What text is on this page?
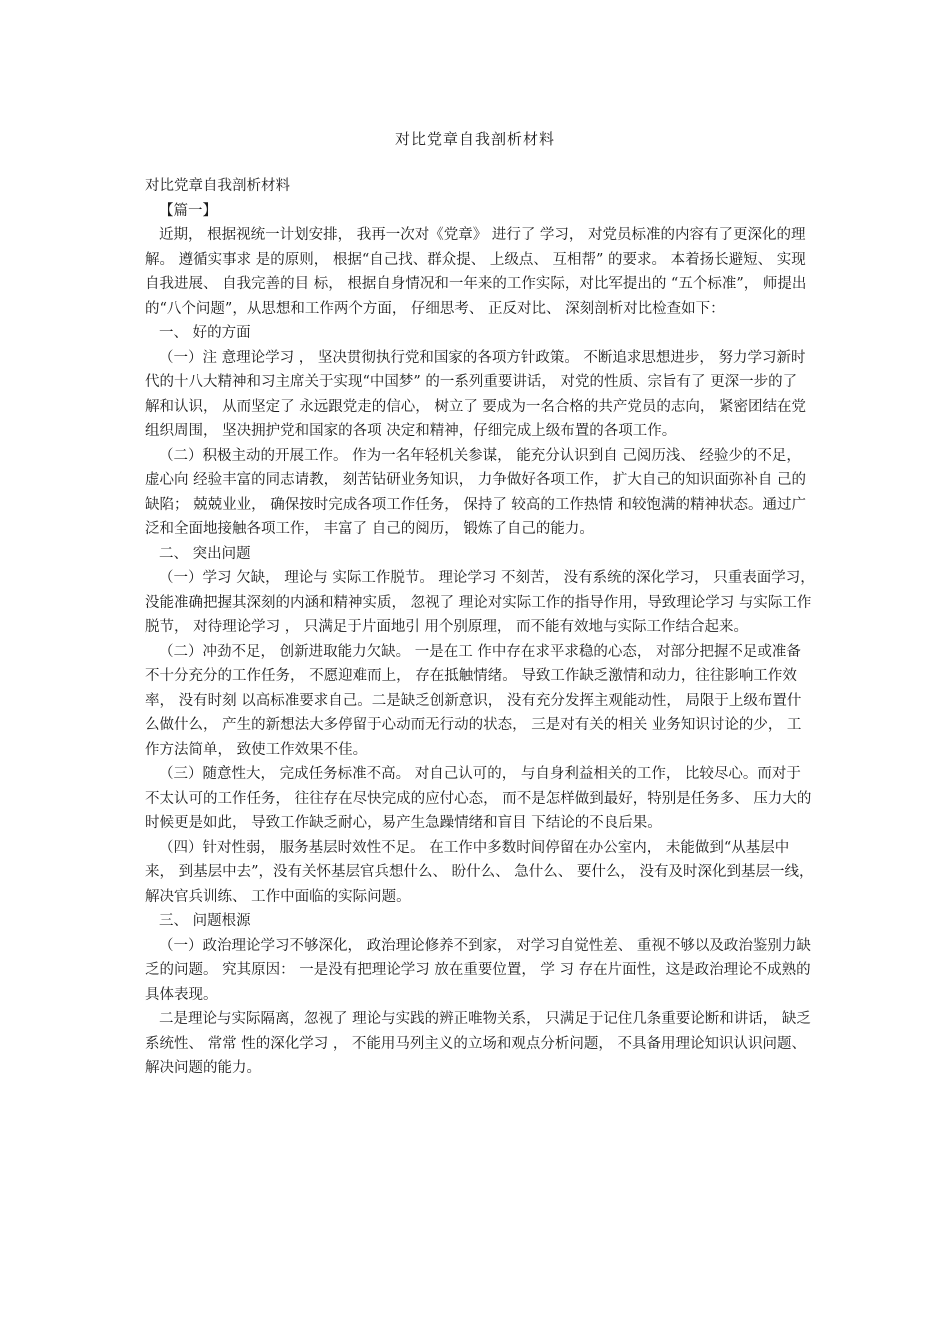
对比党章自我剖析材料

对比党章自我剖析材料

【篇一】

近期， 根据视统一计划安排， 我再一次对《党章》 进行了 学习， 对党员标准的内容有了更深化的理解。 遵循实事求 是的原则， 根据“自己找、群众提、 上级点、 互相帮” 的要求。 本着扬长避短、 实现自我进展、 自我完善的目 标， 根据自身情况和一年来的工作实际，对比军提出的 “五个标准”， 师提出的“八个问题”，从思想和工作两个方面， 仔细思考、 正反对比、 深刻剖析对比检查如下：

一、 好的方面

（一）注 意理论学习 ， 坚决贯彻执行党和国家的各项方针政策。 不断追求思想进步， 努力学习新时代的十八大精神和习主席关于实现“中国梦” 的一系列重要讲话， 对党的性质、宗旨有了 更深一步的了 解和认识， 从而坚定了 永远跟党走的信心， 树立了 要成为一名合格的共产党员的志向， 紧密团结在党组织周围， 坚决拥护党和国家的各项 决定和精神，仔细完成上级布置的各项工作。

（二）积极主动的开展工作。 作为一名年轻机关参谋， 能充分认识到自 己阅历浅、 经验少的不足， 虚心向 经验丰富的同志请教， 刻苦钻研业务知识， 力争做好各项工作， 扩大自己的知识面弥补自 己的缺陷； 兢兢业业， 确保按时完成各项工作任务， 保持了 较高的工作热情 和较饱满的精神状态。通过广泛和全面地接触各项工作， 丰富了 自己的阅历， 锻炼了自己的能力。

二、 突出问题

（一）学习 欠缺， 理论与 实际工作脱节。 理论学习 不刻苦， 没有系统的深化学习， 只重表面学习， 没能准确把握其深刻的内涵和精神实质， 忽视了 理论对实际工作的指导作用，导致理论学习 与实际工作脱节， 对待理论学习 ， 只满足于片面地引 用个别原理， 而不能有效地与实际工作结合起来。

（二）冲劲不足， 创新进取能力欠缺。 一是在工 作中存在求平求稳的心态， 对部分把握不足或准备不十分充分的工作任务， 不愿迎难而上， 存在抵触情绪。 导致工作缺乏激情和动力，往往影响工作效率， 没有时刻 以高标准要求自己。二是缺乏创新意识， 没有充分发挥主观能动性， 局限于上级布置什么做什么， 产生的新想法大多停留于心动而无行动的状态， 三是对有关的相关 业务知识讨论的少， 工作方法简单， 致使工作效果不佳。

（三）随意性大， 完成任务标准不高。 对自己认可的， 与自身利益相关的工作， 比较尽心。而对于不太认可的工作任务， 往往存在尽快完成的应付心态， 而不是怎样做到最好，特别是任务多、 压力大的时候更是如此， 导致工作缺乏耐心，易产生急躁情绪和盲目 下结论的不良后果。

（四）针对性弱， 服务基层时效性不足。 在工作中多数时间停留在办公室内， 未能做到“从基层中来， 到基层中去”，没有关怀基层官兵想什么、 盼什么、 急什么、 要什么， 没有及时深化到基层一线， 解决官兵训练、 工作中面临的实际问题。

三、 问题根源

（一）政治理论学习不够深化， 政治理论修养不到家， 对学习自觉性差、 重视不够以及政治鉴别力缺乏的问题。 究其原因： 一是没有把理论学习 放在重要位置， 学 习 存在片面性，这是政治理论不成熟的具体表现。

二是理论与实际隔离，忽视了 理论与实践的辨正唯物关系， 只满足于记住几条重要论断和讲话， 缺乏系统性、 常常 性的深化学习 ， 不能用马列主义的立场和观点分析问题， 不具备用理论知识认识问题、解决问题的能力。
